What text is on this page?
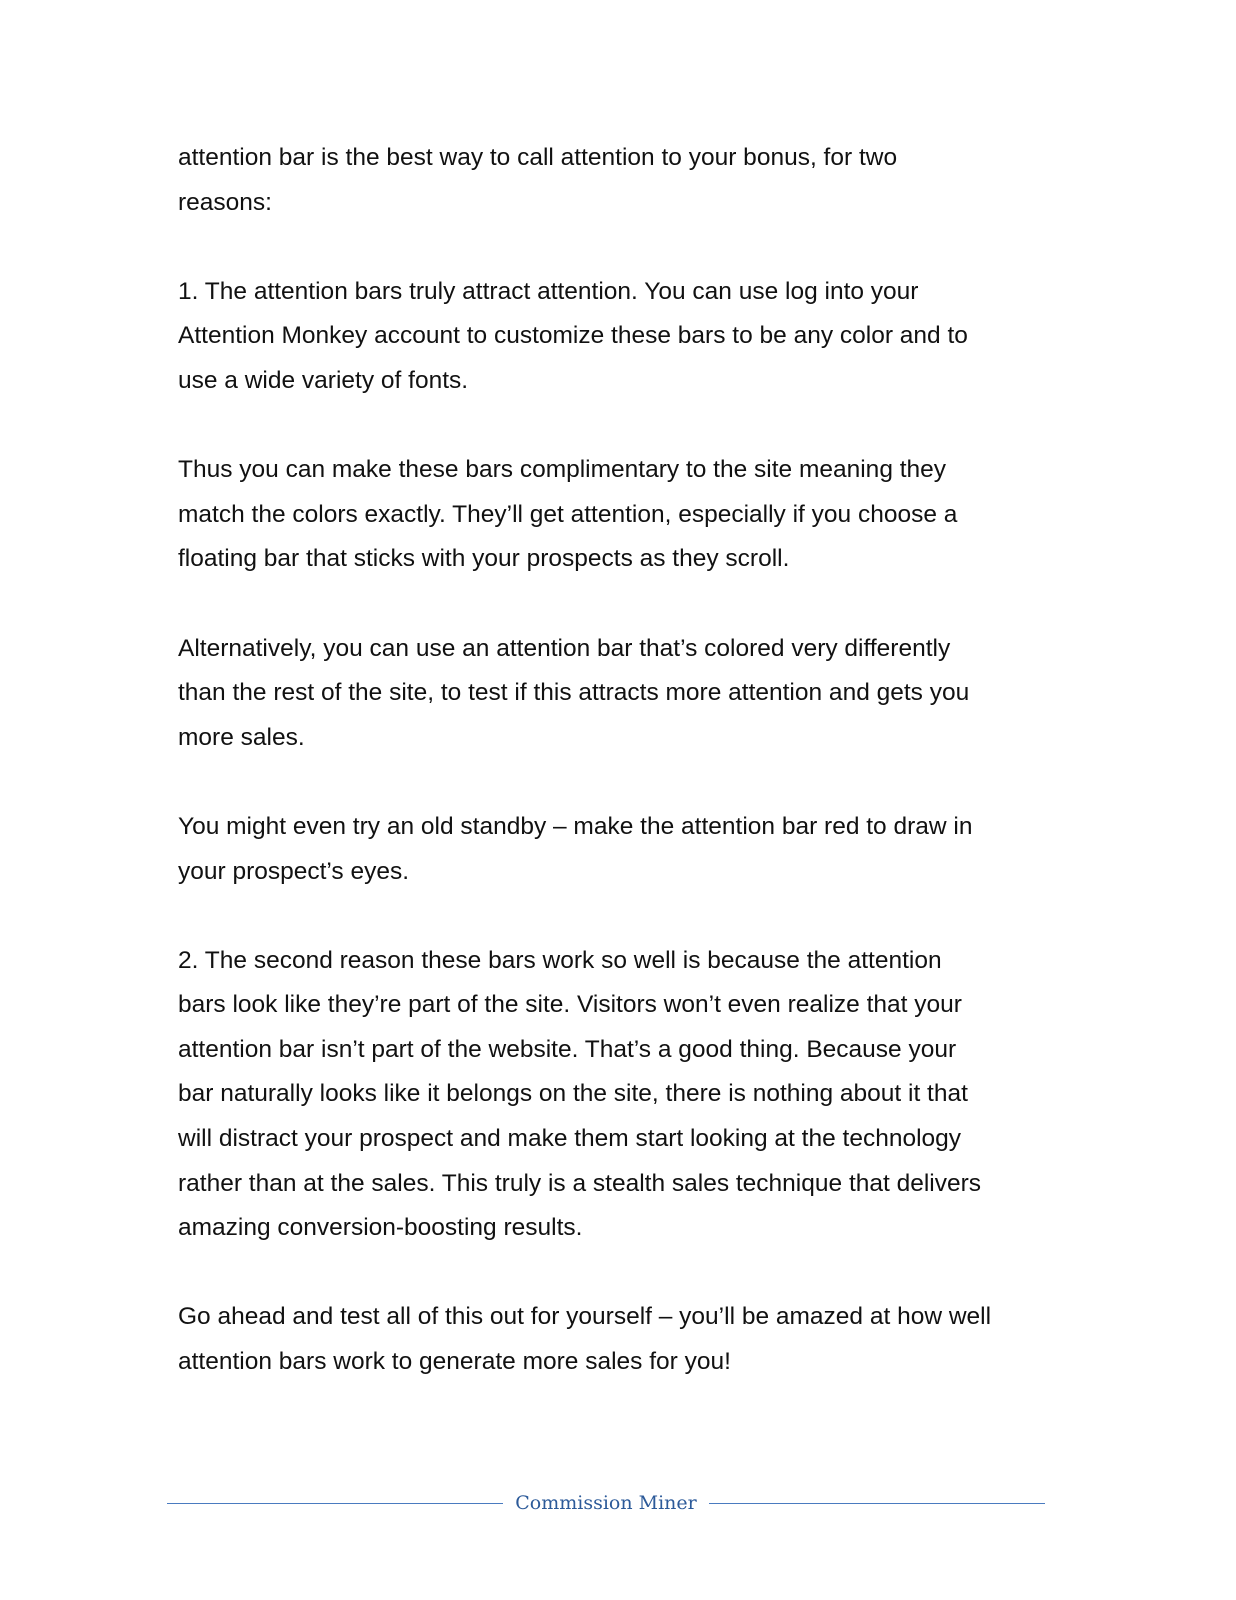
attention bar is the best way to call attention to your bonus, for two
reasons:

1. The attention bars truly attract attention. You can use log into your
Attention Monkey account to customize these bars to be any color and to
use a wide variety of fonts.

Thus you can make these bars complimentary to the site meaning they
match the colors exactly. They’ll get attention, especially if you choose a
floating bar that sticks with your prospects as they scroll.

Alternatively, you can use an attention bar that’s colored very differently
than the rest of the site, to test if this attracts more attention and gets you
more sales.

You might even try an old standby – make the attention bar red to draw in
your prospect’s eyes.

2. The second reason these bars work so well is because the attention
bars look like they’re part of the site. Visitors won’t even realize that your
attention bar isn’t part of the website. That’s a good thing. Because your
bar naturally looks like it belongs on the site, there is nothing about it that
will distract your prospect and make them start looking at the technology
rather than at the sales. This truly is a stealth sales technique that delivers
amazing conversion-boosting results.

Go ahead and test all of this out for yourself – you’ll be amazed at how well
attention bars work to generate more sales for you!

Commission Miner
